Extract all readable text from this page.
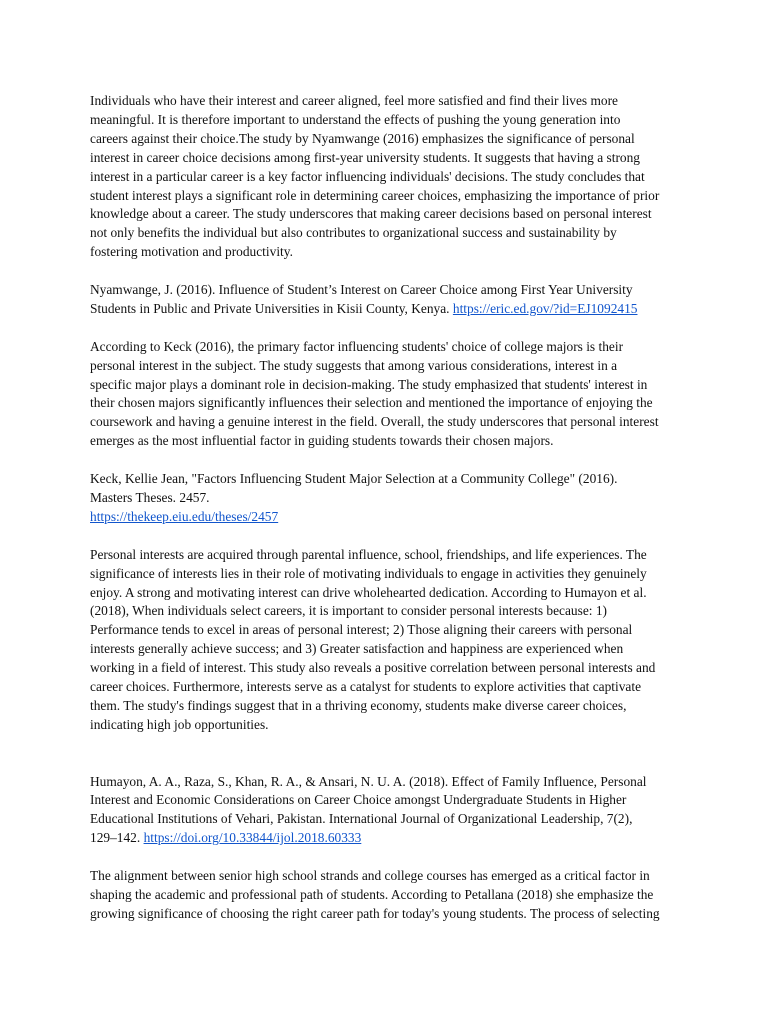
Individuals who have their interest and career aligned, feel more satisfied and find their lives more
meaningful. It is therefore important to understand the effects of pushing the young generation into
careers against their choice.The study by Nyamwange (2016) emphasizes the significance of personal
interest in career choice decisions among first-year university students. It suggests that having a strong
interest in a particular career is a key factor influencing individuals' decisions. The study concludes that
student interest plays a significant role in determining career choices, emphasizing the importance of prior
knowledge about a career. The study underscores that making career decisions based on personal interest
not only benefits the individual but also contributes to organizational success and sustainability by
fostering motivation and productivity.

Nyamwange, J. (2016). Influence of Student’s Interest on Career Choice among First Year University
Students in Public and Private Universities in Kisii County, Kenya. https://eric.ed.gov/?id=EJ1092415

According to Keck (2016), the primary factor influencing students' choice of college majors is their
personal interest in the subject. The study suggests that among various considerations, interest in a
specific major plays a dominant role in decision-making. The study emphasized that students' interest in
their chosen majors significantly influences their selection and mentioned the importance of enjoying the
coursework and having a genuine interest in the field. Overall, the study underscores that personal interest
emerges as the most influential factor in guiding students towards their chosen majors.

Keck, Kellie Jean, "Factors Influencing Student Major Selection at a Community College" (2016).
Masters Theses. 2457.
https://thekeep.eiu.edu/theses/2457

Personal interests are acquired through parental influence, school, friendships, and life experiences. The
significance of interests lies in their role of motivating individuals to engage in activities they genuinely
enjoy. A strong and motivating interest can drive wholehearted dedication. According to Humayon et al.
(2018), When individuals select careers, it is important to consider personal interests because: 1)
Performance tends to excel in areas of personal interest; 2) Those aligning their careers with personal
interests generally achieve success; and 3) Greater satisfaction and happiness are experienced when
working in a field of interest. This study also reveals a positive correlation between personal interests and
career choices. Furthermore, interests serve as a catalyst for students to explore activities that captivate
them. The study's findings suggest that in a thriving economy, students make diverse career choices,
indicating high job opportunities.

Humayon, A. A., Raza, S., Khan, R. A., & Ansari, N. U. A. (2018). Effect of Family Influence, Personal
Interest and Economic Considerations on Career Choice amongst Undergraduate Students in Higher
Educational Institutions of Vehari, Pakistan. International Journal of Organizational Leadership, 7(2),
129–142. https://doi.org/10.33844/ijol.2018.60333

The alignment between senior high school strands and college courses has emerged as a critical factor in
shaping the academic and professional path of students. According to Petallana (2018) she emphasize the
growing significance of choosing the right career path for today's young students. The process of selecting
